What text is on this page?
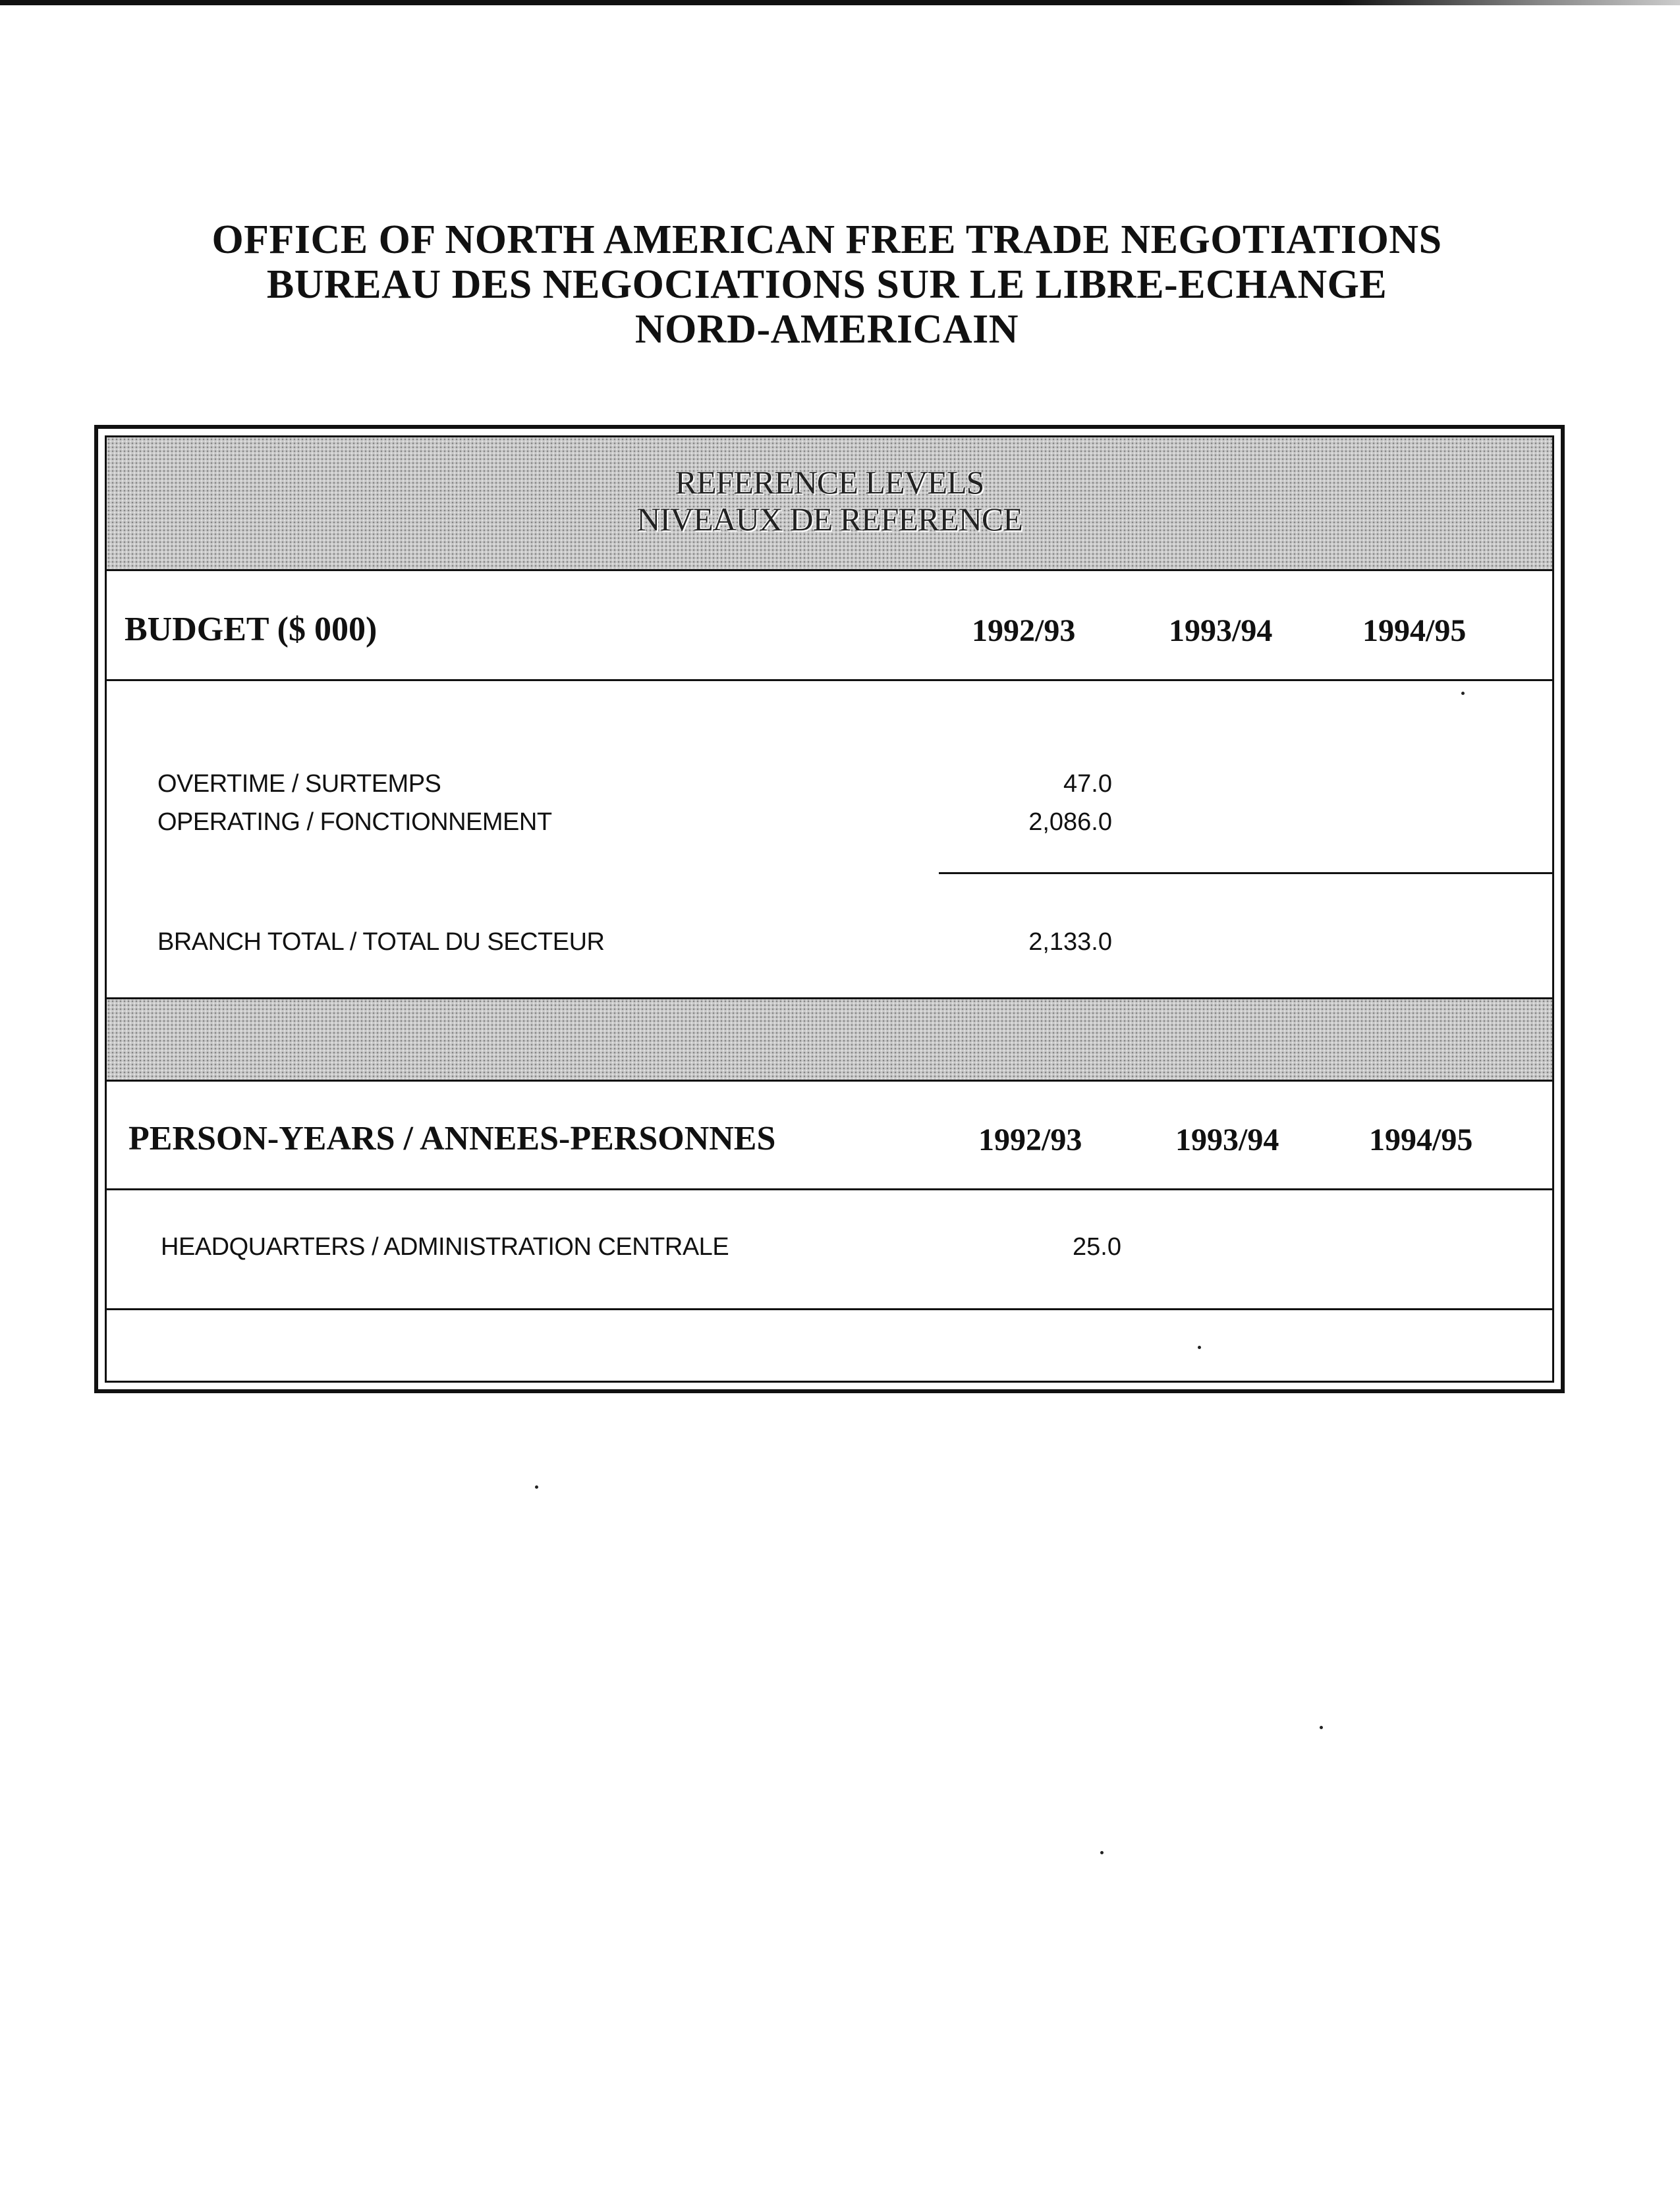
OFFICE OF NORTH AMERICAN FREE TRADE NEGOTIATIONS
BUREAU DES NEGOCIATIONS SUR LE LIBRE-ECHANGE
NORD-AMERICAIN
REFERENCE LEVELS
NIVEAUX DE REFERENCE
BUDGET ($ 000)	1992/93	1993/94	1994/95
OVERTIME / SURTEMPS	47.0
OPERATING / FONCTIONNEMENT	2,086.0
BRANCH TOTAL / TOTAL DU SECTEUR	2,133.0
PERSON-YEARS / ANNEES-PERSONNES	1992/93	1993/94	1994/95
HEADQUARTERS / ADMINISTRATION CENTRALE	25.0
